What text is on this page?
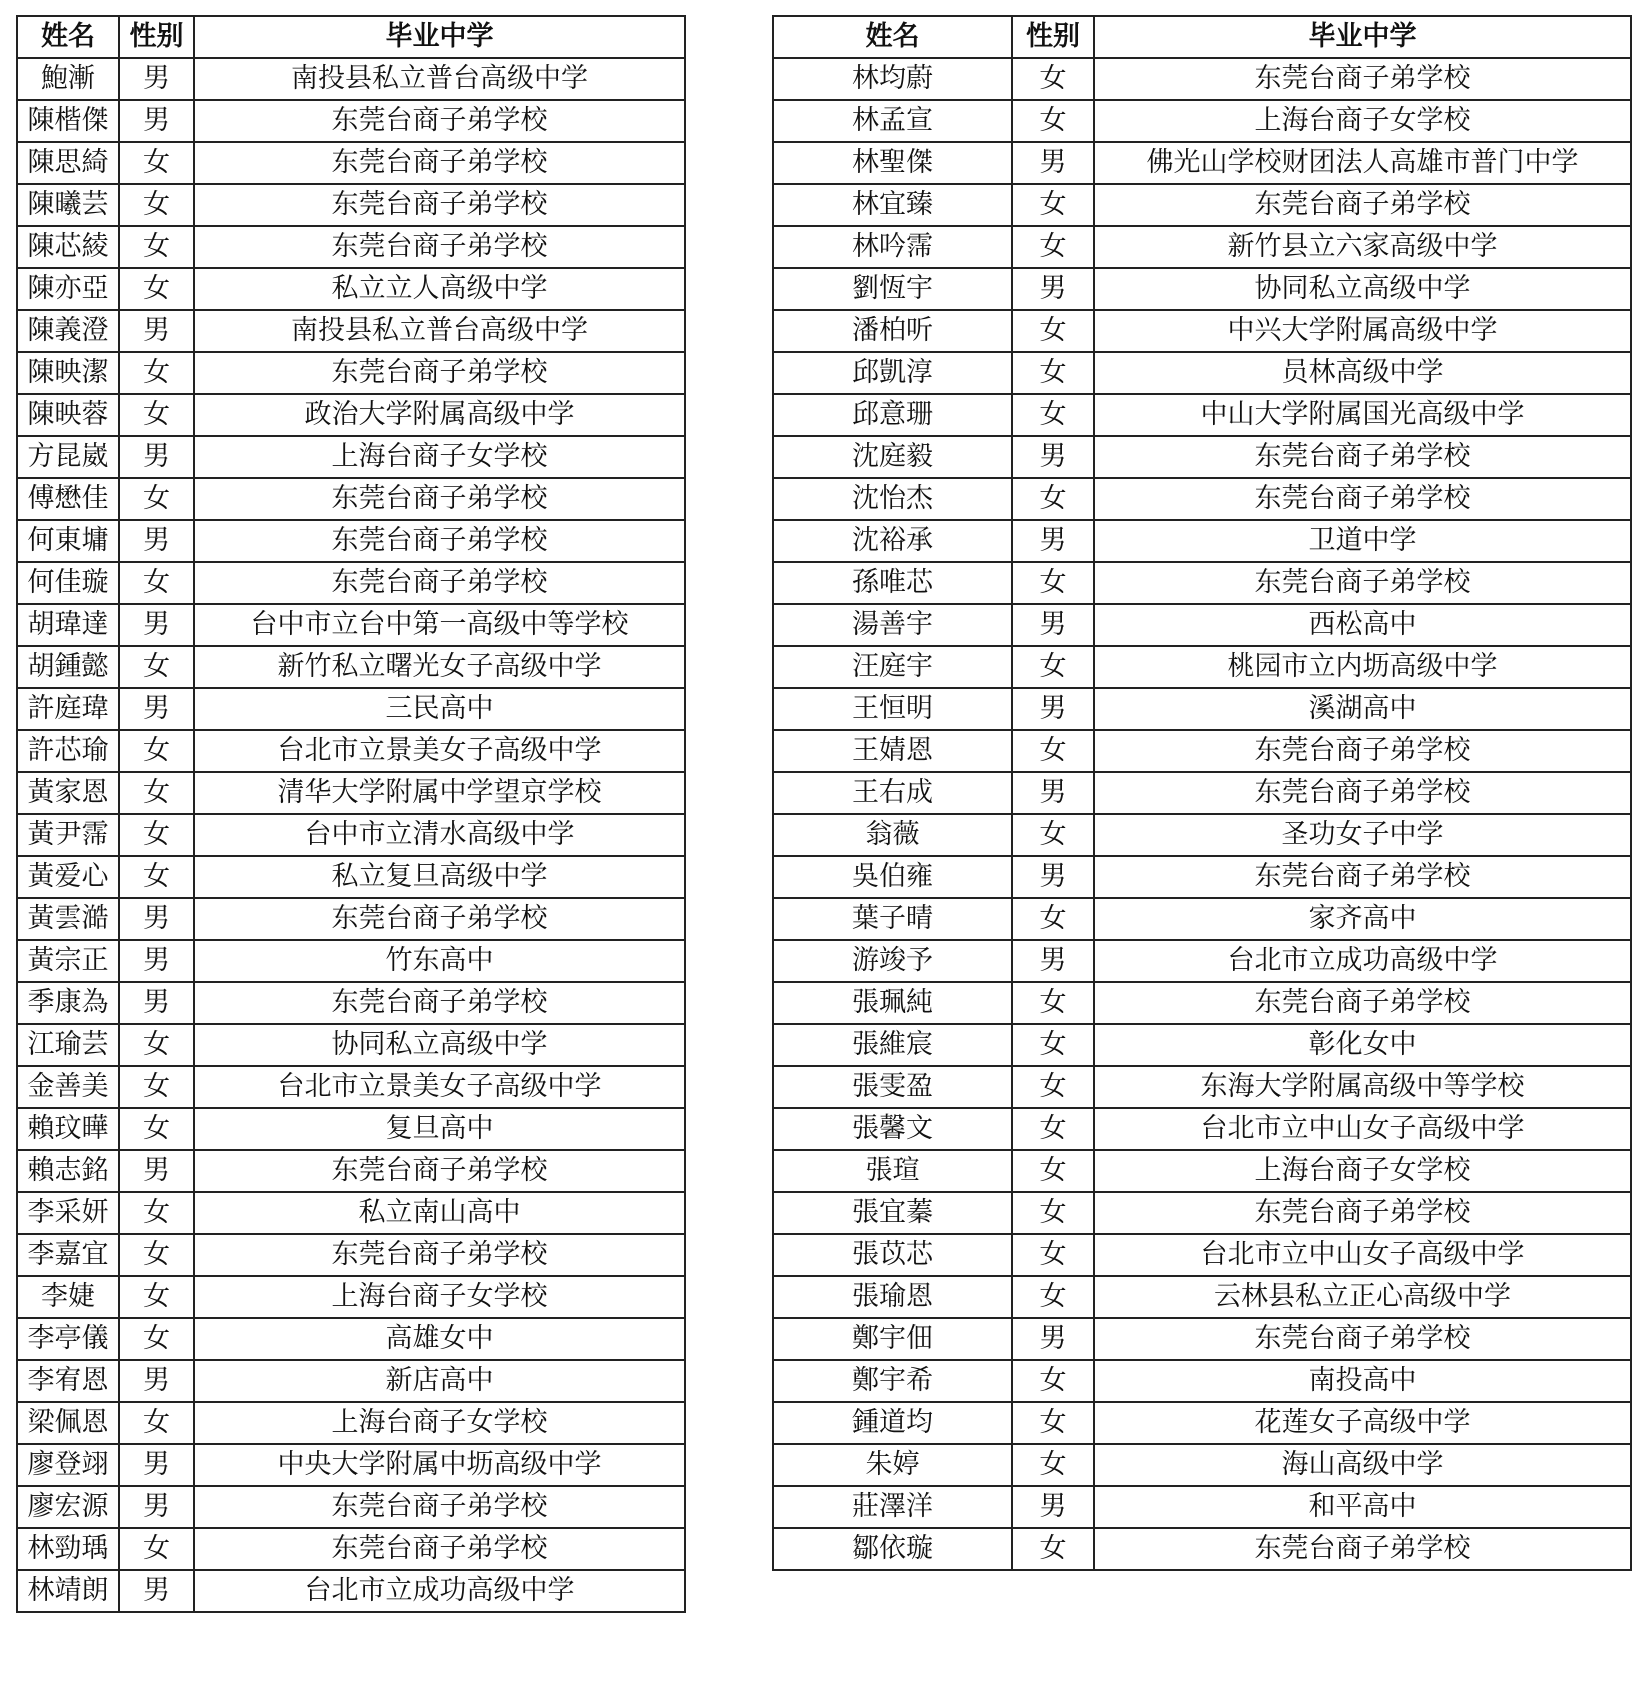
姓名	性别	毕业中学
鮑漸	男	南投县私立普台高级中学
陳楷傑	男	东莞台商子弟学校
陳思綺	女	东莞台商子弟学校
陳曦芸	女	东莞台商子弟学校
陳芯綾	女	东莞台商子弟学校
陳亦亞	女	私立立人高级中学
陳義澄	男	南投县私立普台高级中学
陳映潔	女	东莞台商子弟学校
陳映蓉	女	政治大学附属高级中学
方昆崴	男	上海台商子女学校
傅懋佳	女	东莞台商子弟学校
何東墉	男	东莞台商子弟学校
何佳璇	女	东莞台商子弟学校
胡瑋達	男	台中市立台中第一高级中等学校
胡鍾懿	女	新竹私立曙光女子高级中学
許庭瑋	男	三民高中
許芯瑜	女	台北市立景美女子高级中学
黃家恩	女	清华大学附属中学望京学校
黃尹霈	女	台中市立清水高级中学
黃爱心	女	私立复旦高级中学
黃雲澔	男	东莞台商子弟学校
黃宗正	男	竹东高中
季康為	男	东莞台商子弟学校
江瑜芸	女	协同私立高级中学
金善美	女	台北市立景美女子高级中学
賴玟曄	女	复旦高中
賴志銘	男	东莞台商子弟学校
李采妍	女	私立南山高中
李嘉宜	女	东莞台商子弟学校
李婕	女	上海台商子女学校
李亭儀	女	高雄女中
李宥恩	男	新店高中
梁佩恩	女	上海台商子女学校
廖登翊	男	中央大学附属中坜高级中学
廖宏源	男	东莞台商子弟学校
林勁瑀	女	东莞台商子弟学校
林靖朗	男	台北市立成功高级中学
姓名	性别	毕业中学
林均蔚	女	东莞台商子弟学校
林孟宣	女	上海台商子女学校
林聖傑	男	佛光山学校财团法人高雄市普门中学
林宜臻	女	东莞台商子弟学校
林吟霈	女	新竹县立六家高级中学
劉恆宇	男	协同私立高级中学
潘柏听	女	中兴大学附属高级中学
邱凱淳	女	员林高级中学
邱意珊	女	中山大学附属国光高级中学
沈庭毅	男	东莞台商子弟学校
沈怡杰	女	东莞台商子弟学校
沈裕承	男	卫道中学
孫唯芯	女	东莞台商子弟学校
湯善宇	男	西松高中
汪庭宇	女	桃园市立内坜高级中学
王恒明	男	溪湖高中
王婧恩	女	东莞台商子弟学校
王右成	男	东莞台商子弟学校
翁薇	女	圣功女子中学
吳伯雍	男	东莞台商子弟学校
葉子晴	女	家齐高中
游竣予	男	台北市立成功高级中学
張珮純	女	东莞台商子弟学校
張維宸	女	彰化女中
張雯盈	女	东海大学附属高级中等学校
張馨文	女	台北市立中山女子高级中学
張瑄	女	上海台商子女学校
張宜蓁	女	东莞台商子弟学校
張苡芯	女	台北市立中山女子高级中学
張瑜恩	女	云林县私立正心高级中学
鄭宇佃	男	东莞台商子弟学校
鄭宇希	女	南投高中
鍾道均	女	花莲女子高级中学
朱婷	女	海山高级中学
莊澤洋	男	和平高中
鄒依璇	女	东莞台商子弟学校
